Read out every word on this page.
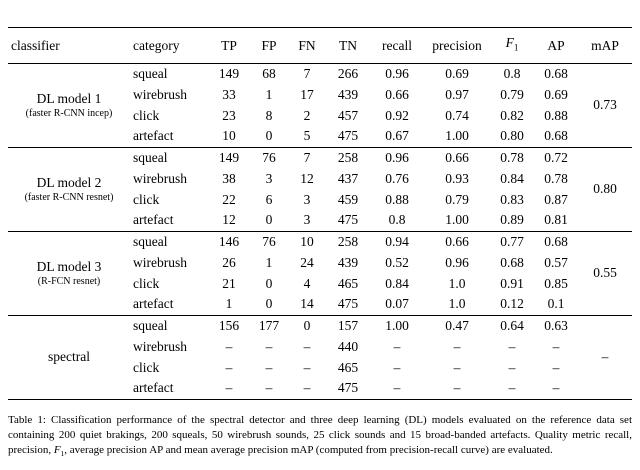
classifier	category	TP	FP	FN	TN	recall	precision	$F_1$	AP	mAP

DL model 1
(faster R-CNN incep)	squeal	149	68	7	266	0.96	0.69	0.8	0.68	0.73
	wirebrush	33	1	17	439	0.66	0.97	0.79	0.69	
	click	23	8	2	457	0.92	0.74	0.82	0.88	
	artefact	10	0	5	475	0.67	1.00	0.80	0.68	

DL model 2
(faster R-CNN resnet)	squeal	149	76	7	258	0.96	0.66	0.78	0.72	0.80
	wirebrush	38	3	12	437	0.76	0.93	0.84	0.78	
	click	22	6	3	459	0.88	0.79	0.83	0.87	
	artefact	12	0	3	475	0.8	1.00	0.89	0.81	

DL model 3
(R-FCN resnet)	squeal	146	76	10	258	0.94	0.66	0.77	0.68	0.55
	wirebrush	26	1	24	439	0.52	0.96	0.68	0.57	
	click	21	0	4	465	0.84	1.0	0.91	0.85	
	artefact	1	0	14	475	0.07	1.0	0.12	0.1	

spectral	squeal	156	177	0	157	1.00	0.47	0.64	0.63	–
	wirebrush	–	–	–	440	–	–	–	–	
	click	–	–	–	465	–	–	–	–	
	artefact	–	–	–	475	–	–	–	–	

Table 1: Classification performance of the spectral detector and three deep learning (DL) models evaluated on the reference data set containing 200 quiet brakings, 200 squeals, 50 wirebrush sounds, 25 click sounds and 15 broad-banded artefacts. Quality metric recall, precision, $F_1$, average precision AP and mean average precision mAP (computed from precision-recall curve) are evaluated.
